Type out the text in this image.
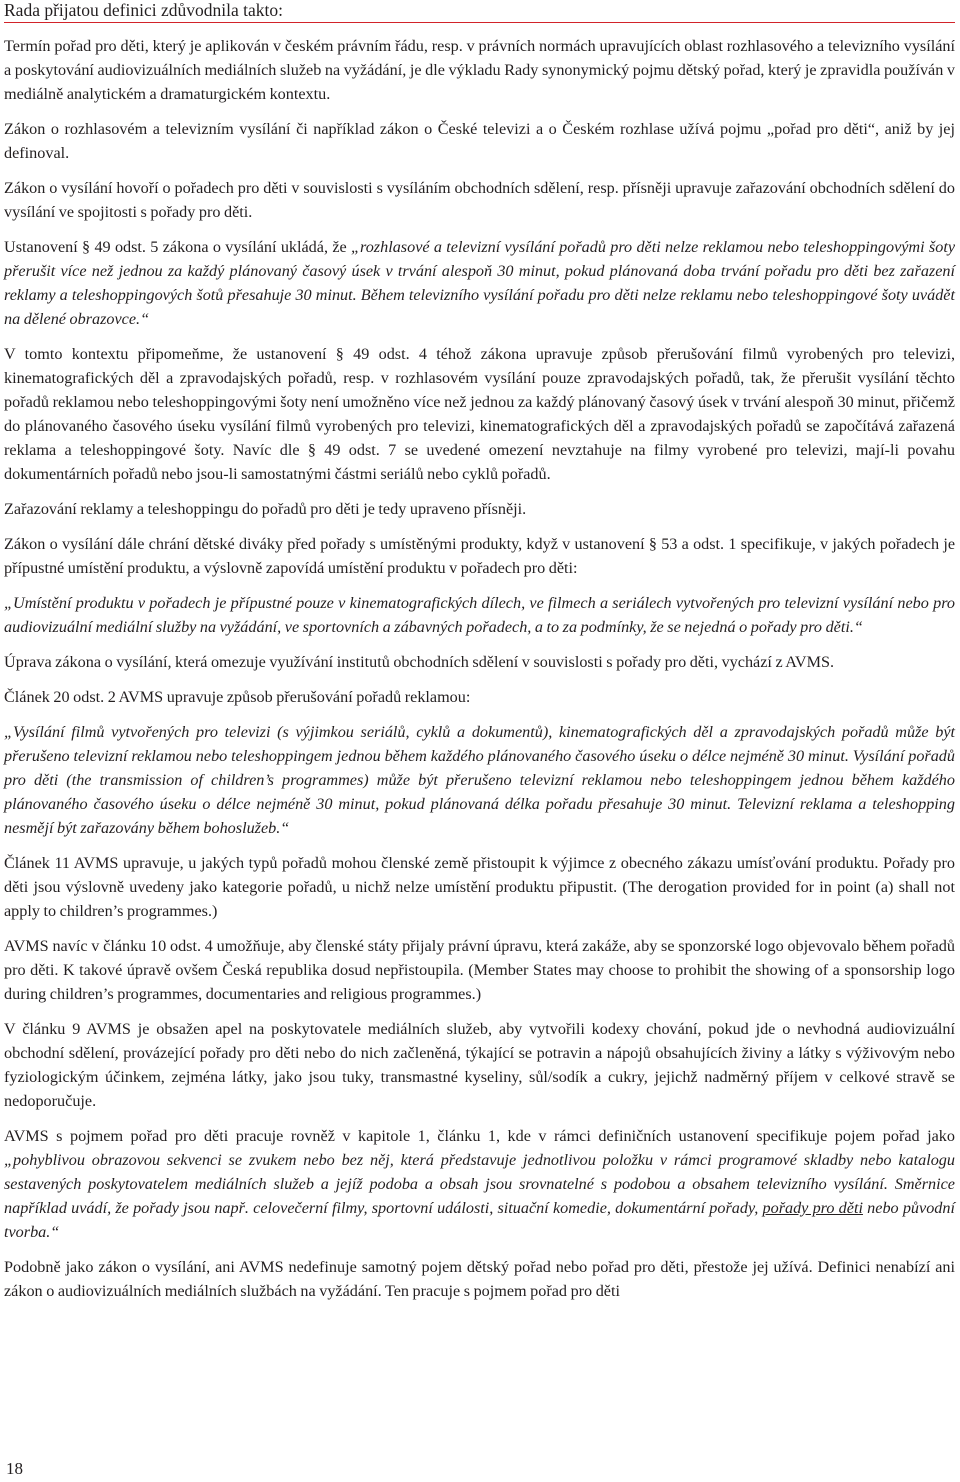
Rada přijatou definici zdůvodnila takto:

Termín pořad pro děti, který je aplikován v českém právním řádu, resp. v právních normách upravujících oblast rozhlasového a televizního vysílání a poskytování audiovizuálních mediálních služeb na vyžádání, je dle výkladu Rady synonymický pojmu dětský pořad, který je zpravidla používán v mediálně analytickém a dramaturgickém kontextu.

Zákon o rozhlasovém a televizním vysílání či například zákon o České televizi a o Českém rozhlase užívá pojmu „pořad pro děti“, aniž by jej definoval.

Zákon o vysílání hovoří o pořadech pro děti v souvislosti s vysíláním obchodních sdělení, resp. přísněji upravuje zařazování obchodních sdělení do vysílání ve spojitosti s pořady pro děti.

Ustanovení § 49 odst. 5 zákona o vysílání ukládá, že „rozhlasové a televizní vysílání pořadů pro děti nelze reklamou nebo teleshoppingovými šoty přerušit více než jednou za každý plánovaný časový úsek v trvání alespoň 30 minut, pokud plánovaná doba trvání pořadu pro děti bez zařazení reklamy a teleshoppingových šotů přesahuje 30 minut. Během televizního vysílání pořadu pro děti nelze reklamu nebo teleshoppingové šoty uvádět na dělené obrazovce.“

V tomto kontextu připomeňme, že ustanovení § 49 odst. 4 téhož zákona upravuje způsob přerušování filmů vyrobených pro televizi, kinematografických děl a zpravodajských pořadů, resp. v rozhlasovém vysílání pouze zpravodajských pořadů, tak, že přerušit vysílání těchto pořadů reklamou nebo teleshoppingovými šoty není umožněno více než jednou za každý plánovaný časový úsek v trvání alespoň 30 minut, přičemž do plánovaného časového úseku vysílání filmů vyrobených pro televizi, kinematografických děl a zpravodajských pořadů se započítává zařazená reklama a teleshoppingové šoty. Navíc dle § 49 odst. 7 se uvedené omezení nevztahuje na filmy vyrobené pro televizi, mají-li povahu dokumentárních pořadů nebo jsou-li samostatnými částmi seriálů nebo cyklů pořadů.

Zařazování reklamy a teleshoppingu do pořadů pro děti je tedy upraveno přísněji.

Zákon o vysílání dále chrání dětské diváky před pořady s umístěnými produkty, když v ustanovení § 53 a odst. 1 specifikuje, v jakých pořadech je přípustné umístění produktu, a výslovně zapovídá umístění produktu v pořadech pro děti:

„Umístění produktu v pořadech je přípustné pouze v kinematografických dílech, ve filmech a seriálech vytvořených pro televizní vysílání nebo pro audiovizuální mediální služby na vyžádání, ve sportovních a zábavných pořadech, a to za podmínky, že se nejedná o pořady pro děti.“

Úprava zákona o vysílání, která omezuje využívání institutů obchodních sdělení v souvislosti s pořady pro děti, vychází z AVMS.

Článek 20 odst. 2 AVMS upravuje způsob přerušování pořadů reklamou:

„Vysílání filmů vytvořených pro televizi (s výjimkou seriálů, cyklů a dokumentů), kinematografických děl a zpravodajských pořadů může být přerušeno televizní reklamou nebo teleshoppingem jednou během každého plánovaného časového úseku o délce nejméně 30 minut. Vysílání pořadů pro děti (the transmission of children’s programmes) může být přerušeno televizní reklamou nebo teleshoppingem jednou během každého plánovaného časového úseku o délce nejméně 30 minut, pokud plánovaná délka pořadu přesahuje 30 minut. Televizní reklama a teleshopping nesmějí být zařazovány během bohoslužeb.“

Článek 11 AVMS upravuje, u jakých typů pořadů mohou členské země přistoupit k výjimce z obecného zákazu umísťování produktu. Pořady pro děti jsou výslovně uvedeny jako kategorie pořadů, u nichž nelze umístění produktu připustit. (The derogation provided for in point (a) shall not apply to children’s programmes.)

AVMS navíc v článku 10 odst. 4 umožňuje, aby členské státy přijaly právní úpravu, která zakáže, aby se sponzorské logo objevovalo během pořadů pro děti. K takové úpravě ovšem Česká republika dosud nepřistoupila. (Member States may choose to prohibit the showing of a sponsorship logo during children’s programmes, documentaries and religious programmes.)

V článku 9 AVMS je obsažen apel na poskytovatele mediálních služeb, aby vytvořili kodexy chování, pokud jde o nevhodná audiovizuální obchodní sdělení, provázející pořady pro děti nebo do nich začleněná, týkající se potravin a nápojů obsahujících živiny a látky s výživovým nebo fyziologickým účinkem, zejména látky, jako jsou tuky, transmastné kyseliny, sůl/sodík a cukry, jejichž nadměrný příjem v celkové stravě se nedoporučuje.

AVMS s pojmem pořad pro děti pracuje rovněž v kapitole 1, článku 1, kde v rámci definičních ustanovení specifikuje pojem pořad jako „pohyblivou obrazovou sekvenci se zvukem nebo bez něj, která představuje jednotlivou položku v rámci programové skladby nebo katalogu sestavených poskytovatelem mediálních služeb a jejíž podoba a obsah jsou srovnatelné s podobou a obsahem televizního vysílání. Směrnice například uvádí, že pořady jsou např. celovečerní filmy, sportovní události, situační komedie, dokumentární pořady, pořady pro děti nebo původní tvorba.“

Podobně jako zákon o vysílání, ani AVMS nedefinuje samotný pojem dětský pořad nebo pořad pro děti, přestože jej užívá. Definici nenabízí ani zákon o audiovizuálních mediálních službách na vyžádání. Ten pracuje s pojmem pořad pro děti

18
